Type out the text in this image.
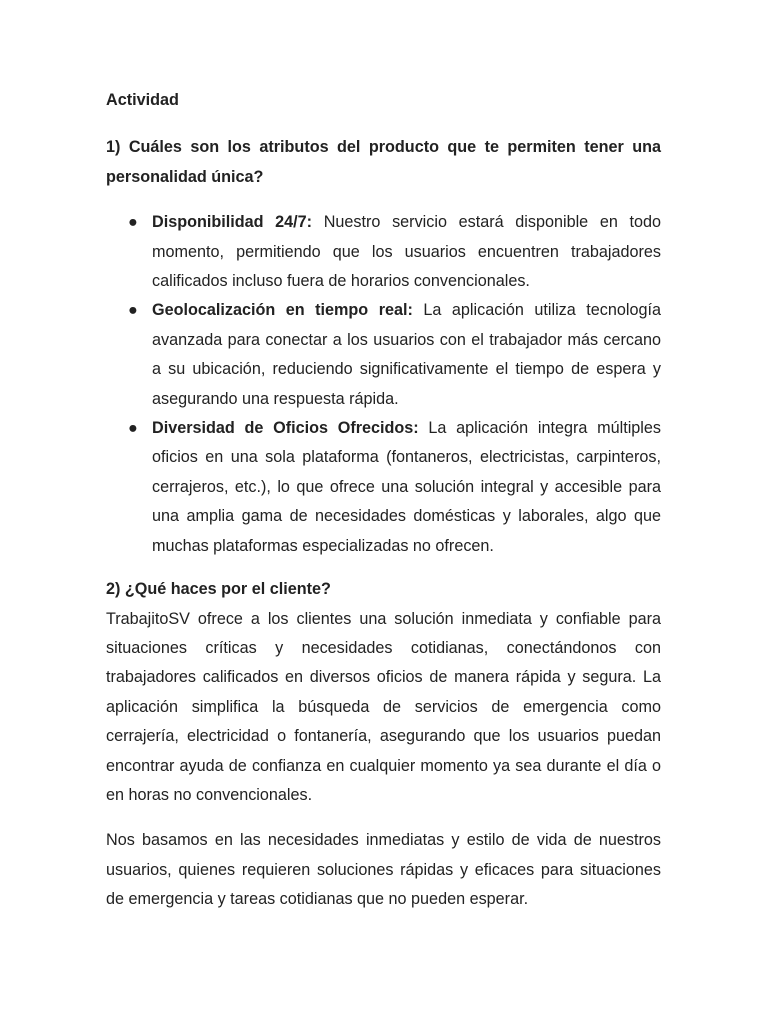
Actividad
1) Cuáles son los atributos del producto que te permiten tener una personalidad única?
● Disponibilidad 24/7: Nuestro servicio estará disponible en todo momento, permitiendo que los usuarios encuentren trabajadores calificados incluso fuera de horarios convencionales.
● Geolocalización en tiempo real: La aplicación utiliza tecnología avanzada para conectar a los usuarios con el trabajador más cercano a su ubicación, reduciendo significativamente el tiempo de espera y asegurando una respuesta rápida.
● Diversidad de Oficios Ofrecidos: La aplicación integra múltiples oficios en una sola plataforma (fontaneros, electricistas, carpinteros, cerrajeros, etc.), lo que ofrece una solución integral y accesible para una amplia gama de necesidades domésticas y laborales, algo que muchas plataformas especializadas no ofrecen.
2) ¿Qué haces por el cliente?

TrabajitoSV ofrece a los clientes una solución inmediata y confiable para situaciones críticas y necesidades cotidianas, conectándonos con trabajadores calificados en diversos oficios de manera rápida y segura. La aplicación simplifica la búsqueda de servicios de emergencia como cerrajería, electricidad o fontanería, asegurando que los usuarios puedan encontrar ayuda de confianza en cualquier momento ya sea durante el día o en horas no convencionales.

Nos basamos en las necesidades inmediatas y estilo de vida de nuestros usuarios, quienes requieren soluciones rápidas y eficaces para situaciones de emergencia y tareas cotidianas que no pueden esperar.
